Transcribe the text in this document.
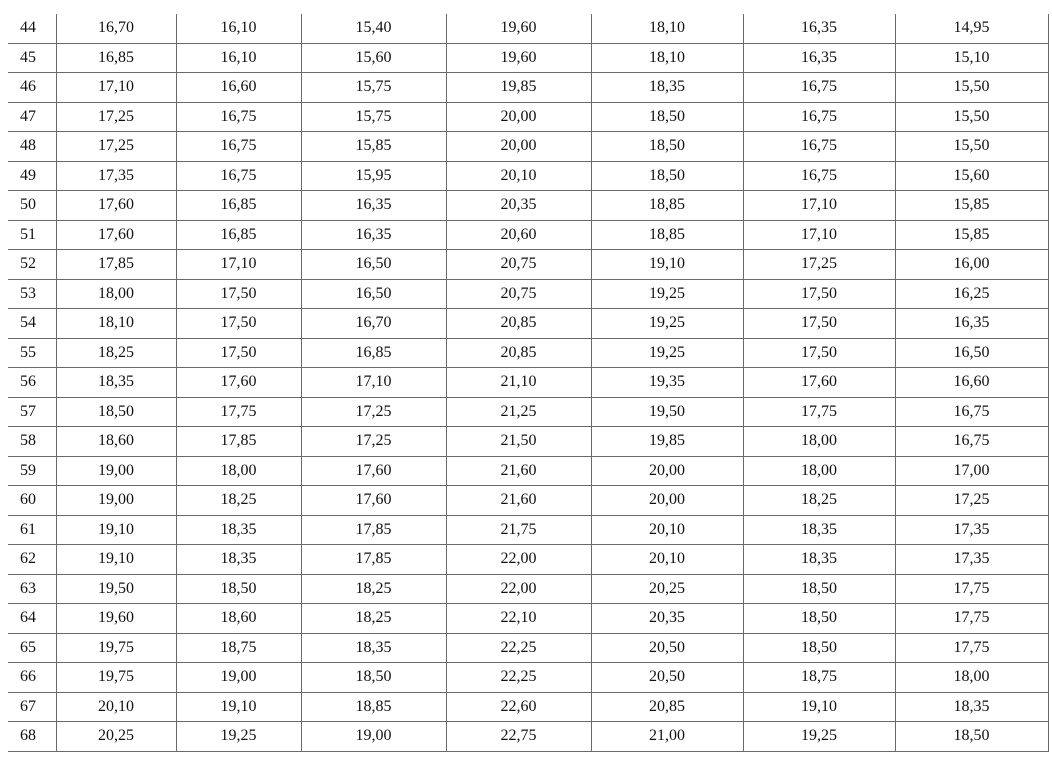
44	16,70	16,10	15,40	19,60	18,10	16,35	14,95
45	16,85	16,10	15,60	19,60	18,10	16,35	15,10
46	17,10	16,60	15,75	19,85	18,35	16,75	15,50
47	17,25	16,75	15,75	20,00	18,50	16,75	15,50
48	17,25	16,75	15,85	20,00	18,50	16,75	15,50
49	17,35	16,75	15,95	20,10	18,50	16,75	15,60
50	17,60	16,85	16,35	20,35	18,85	17,10	15,85
51	17,60	16,85	16,35	20,60	18,85	17,10	15,85
52	17,85	17,10	16,50	20,75	19,10	17,25	16,00
53	18,00	17,50	16,50	20,75	19,25	17,50	16,25
54	18,10	17,50	16,70	20,85	19,25	17,50	16,35
55	18,25	17,50	16,85	20,85	19,25	17,50	16,50
56	18,35	17,60	17,10	21,10	19,35	17,60	16,60
57	18,50	17,75	17,25	21,25	19,50	17,75	16,75
58	18,60	17,85	17,25	21,50	19,85	18,00	16,75
59	19,00	18,00	17,60	21,60	20,00	18,00	17,00
60	19,00	18,25	17,60	21,60	20,00	18,25	17,25
61	19,10	18,35	17,85	21,75	20,10	18,35	17,35
62	19,10	18,35	17,85	22,00	20,10	18,35	17,35
63	19,50	18,50	18,25	22,00	20,25	18,50	17,75
64	19,60	18,60	18,25	22,10	20,35	18,50	17,75
65	19,75	18,75	18,35	22,25	20,50	18,50	17,75
66	19,75	19,00	18,50	22,25	20,50	18,75	18,00
67	20,10	19,10	18,85	22,60	20,85	19,10	18,35
68	20,25	19,25	19,00	22,75	21,00	19,25	18,50
